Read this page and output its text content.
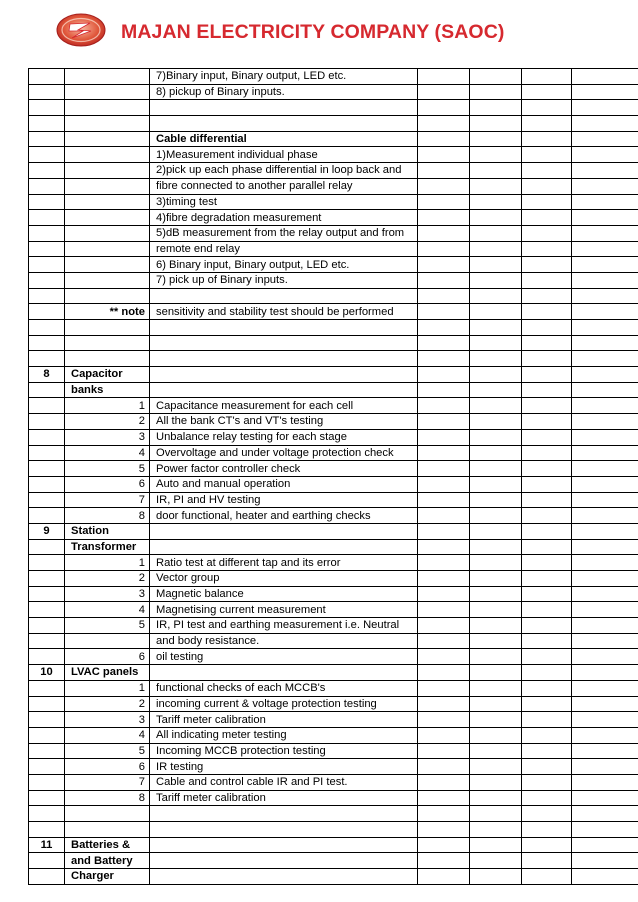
MAJAN ELECTRICITY COMPANY (SAOC)
		7)Binary input, Binary output, LED etc.				
		8) pickup of Binary inputs.				

		Cable differential				
		1)Measurement individual phase				
		2)pick up each phase differential in loop back and				
		fibre connected to another parallel relay				
		3)timing test				
		4)fibre degradation measurement				
		5)dB measurement from the relay output and from				
		remote end relay				
		6) Binary input, Binary output, LED etc.				
		7) pick up of Binary inputs.				

	** note	sensitivity and stability test should be performed				

8	Capacitor					
	banks					
	1	Capacitance measurement for each cell				
	2	All the bank CT's and VT's testing				
	3	Unbalance relay testing for each stage				
	4	Overvoltage and under voltage protection check				
	5	Power factor controller check				
	6	Auto and manual operation				
	7	IR, PI and HV testing				
	8	door functional, heater and earthing checks				
9	Station					
	Transformer					
	1	Ratio test at different tap and its error				
	2	Vector group				
	3	Magnetic balance				
	4	Magnetising current measurement				
	5	IR, PI test and earthing measurement i.e. Neutral				
		and body resistance.				
	6	oil testing				
10	LVAC panels					
	1	functional checks of each MCCB's				
	2	incoming current & voltage protection testing				
	3	Tariff meter calibration				
	4	All indicating meter testing				
	5	Incoming MCCB protection testing				
	6	IR testing				
	7	Cable and control cable IR and PI test.				
	8	Tariff meter calibration				

11	Batteries &					
	and Battery					
	Charger					
